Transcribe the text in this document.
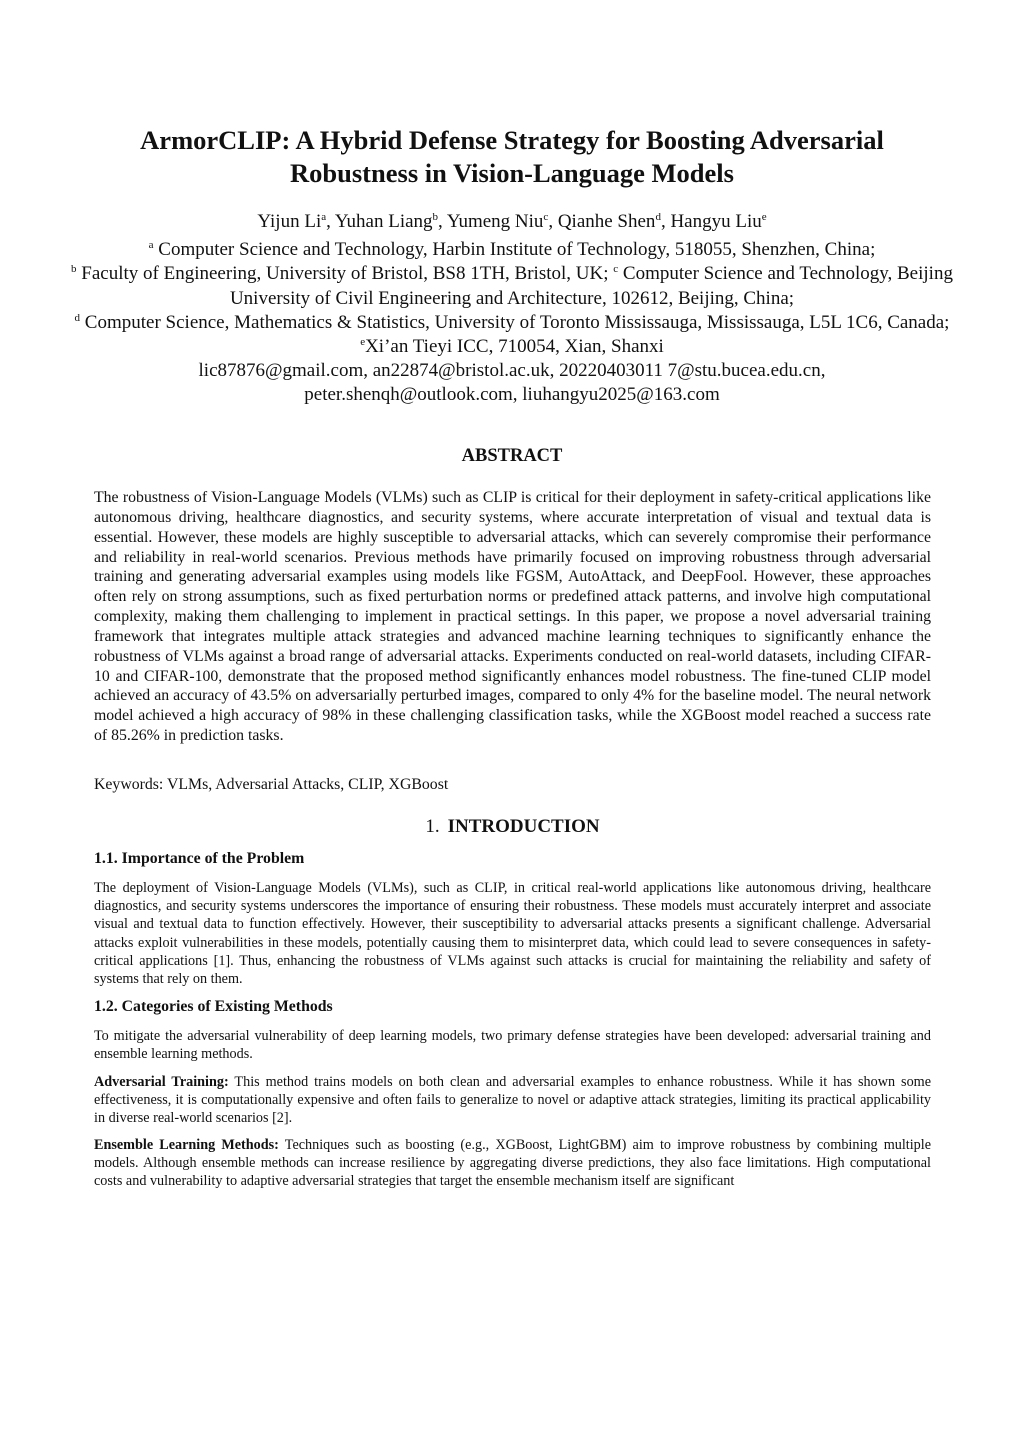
ArmorCLIP: A Hybrid Defense Strategy for Boosting Adversarial
Robustness in Vision-Language Models
Yijun Li$^a$, Yuhan Liang$^b$, Yumeng Niu$^c$, Qianhe Shen$^d$, Hangyu Liu$^e$
$^a$ Computer Science and Technology, Harbin Institute of Technology, 518055, Shenzhen, China;
$^b$ Faculty of Engineering, University of Bristol, BS8 1TH, Bristol, UK; $^c$ Computer Science and Technology, Beijing University of Civil Engineering and Architecture, 102612, Beijing, China;
$^d$ Computer Science, Mathematics & Statistics, University of Toronto Mississauga, Mississauga, L5L 1C6, Canada; $^e$Xi’an Tieyi ICC, 710054, Xian, Shanxi
lic87876@gmail.com, an22874@bristol.ac.uk, 20220403011 7@stu.bucea.edu.cn,
peter.shenqh@outlook.com, liuhangyu2025@163.com
ABSTRACT

The robustness of Vision-Language Models (VLMs) such as CLIP is critical for their deployment in safety-critical applications like autonomous driving, healthcare diagnostics, and security systems, where accurate interpretation of visual and textual data is essential. However, these models are highly susceptible to adversarial attacks, which can severely compromise their performance and reliability in real-world scenarios. Previous methods have primarily focused on improving robustness through adversarial training and generating adversarial examples using models like FGSM, AutoAttack, and DeepFool. However, these approaches often rely on strong assumptions, such as fixed perturbation norms or predefined attack patterns, and involve high computational complexity, making them challenging to implement in practical settings. In this paper, we propose a novel adversarial training framework that integrates multiple attack strategies and advanced machine learning techniques to significantly enhance the robustness of VLMs against a broad range of adversarial attacks. Experiments conducted on real-world datasets, including CIFAR-10 and CIFAR-100, demonstrate that the proposed method significantly enhances model robustness. The fine-tuned CLIP model achieved an accuracy of 43.5% on adversarially perturbed images, compared to only 4% for the baseline model. The neural network model achieved a high accuracy of 98% in these challenging classification tasks, while the XGBoost model reached a success rate of 85.26% in prediction tasks.

Keywords: VLMs, Adversarial Attacks, CLIP, XGBoost

1. INTRODUCTION

1.1. Importance of the Problem

The deployment of Vision-Language Models (VLMs), such as CLIP, in critical real-world applications like autonomous driving, healthcare diagnostics, and security systems underscores the importance of ensuring their robustness. These models must accurately interpret and associate visual and textual data to function effectively. However, their susceptibility to adversarial attacks presents a significant challenge. Adversarial attacks exploit vulnerabilities in these models, potentially causing them to misinterpret data, which could lead to severe consequences in safety-critical applications [1]. Thus, enhancing the robustness of VLMs against such attacks is crucial for maintaining the reliability and safety of systems that rely on them.

1.2. Categories of Existing Methods

To mitigate the adversarial vulnerability of deep learning models, two primary defense strategies have been developed: adversarial training and ensemble learning methods.

Adversarial Training: This method trains models on both clean and adversarial examples to enhance robustness. While it has shown some effectiveness, it is computationally expensive and often fails to generalize to novel or adaptive attack strategies, limiting its practical applicability in diverse real-world scenarios [2].

Ensemble Learning Methods: Techniques such as boosting (e.g., XGBoost, LightGBM) aim to improve robustness by combining multiple models. Although ensemble methods can increase resilience by aggregating diverse predictions, they also face limitations. High computational costs and vulnerability to adaptive adversarial strategies that target the ensemble mechanism itself are significant
